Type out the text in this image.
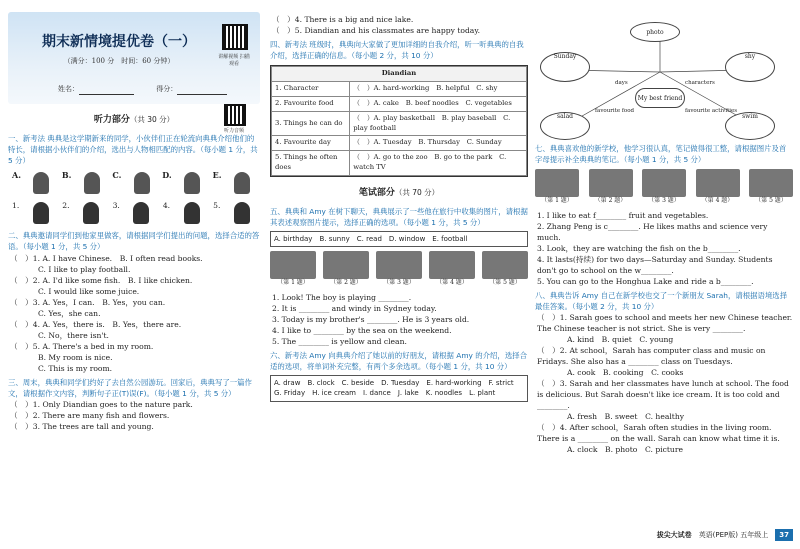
期末新情境提优卷（一）
（满分：100 分　时间：60 分钟）
讲解视频 扫描观看
姓名：	得分：
听力部分（共 30 分）
听力音频
一、新考法 典典是这学期新来的同学，小伙伴们正在轮流向典典介绍他们的特长，请根据小伙伴们的介绍，选出与人物相匹配的内容。（每小题 1 分，共 5 分）
A.	B.	C.	D.	E.
1.	2.	3.	4.	5.
二、典典邀请同学们到他家里做客，请根据同学们提出的问题，选择合适的答语。（每小题 1 分，共 5 分）
（　）1. A. I have Chinese.　 B. I often read books.
C. I like to play football.
（　）2. A. I'd like some fish.　 B. I like chicken.
C. I would like some juice.
（　）3. A. Yes，I can.　 B. Yes，you can.
C. Yes，she can.
（　）4. A. Yes，there is.　 B. Yes，there are.
C. No，there isn't.
（　）5. A. There's a bed in my room.
B. My room is nice.
C. This is my room.
三、周末，典典和同学们约好了去自然公园游玩。回家后，典典写了一篇作文，请根据作文内容，判断句子正(T)误(F)。（每小题 1 分，共 5 分）
（　）1. Only Diandian goes to the nature park.
（　）2. There are many fish and flowers.
（　）3. The trees are tall and young.
（　）4. There is a big and nice lake.
（　）5. Diandian and his classmates are happy today.
四、新考法 班级时，典典向大家做了更加详细的自我介绍，听一听典典的自我介绍，选择正确的信息。（每小题 2 分，共 10 分）
Diandian	
1. Character	（　）A. hard-working　B. helpful　C. shy
2. Favourite food	（　）A. cake　B. beef noodles　C. vegetables
3. Things he can do	（　）A. play basketball　B. play baseball　C. play football
4. Favourite day	（　）A. Tuesday　B. Thursday　C. Sunday
5. Things he often does	（　）A. go to the zoo　B. go to the park　C. watch TV
笔试部分（共 70 分）
五、典典和 Amy 在树下聊天，典典展示了一些他在旅行中收集的图片，请根据其表述观察图片提示，选择正确的选项。（每小题 1 分，共 5 分）
A. birthday　B. sunny　C. read　D. window　E. football
（第 1 题）	（第 2 题）	（第 3 题）	（第 4 题）	（第 5 题）
1. Look! The boy is playing ________.
2. It is ________ and windy in Sydney today.
3. Today is my brother's ________. He is 3 years old.
4. I like to ________ by the sea on the weekend.
5. The ________ is yellow and clean.
六、新考法 Amy 向典典介绍了她以前的好朋友，请根据 Amy 的介绍，选择合适的选项，将单词补充完整，有两个多余选项。（每小题 1 分，共 10 分）
A. draw　B. clock　C. beside　D. Tuesday　E. hard-working　F. strict　G. Friday　H. ice cream　I. dance　J. lake　K. noodles　L. plant
photo
Sunday	shy
My best friend
salad	swim
days	characters
favourite food	favourite activities
七、典典喜欢他的新学校，他学习很认真，笔记做得很工整，请根据图片及首字母提示补全典典的笔记。（每小题 1 分，共 5 分）
（第 1 题）	（第 2 题）	（第 3 题）	（第 4 题）	（第 5 题）
1. I like to eat f________ fruit and vegetables.
2. Zhang Peng is c________. He likes maths and science very much.
3. Look，they are watching the fish on the b________.
4. It lasts(持续) for two days—Saturday and Sunday. Students don't go to school on the w________.
5. You can go to the Honghua Lake and ride a b________.
八、典典告诉 Amy 自己在新学校也交了一个新朋友 Sarah，请根据语境选择最佳答案。（每小题 2 分，共 10 分）
（　）1. Sarah goes to school and meets her new Chinese teacher. The Chinese teacher is not strict. She is very ________.
A. kind　B. quiet　C. young
（　）2. At school，Sarah has computer class and music on Fridays. She also has a ________ class on Tuesdays.
A. cook　B. cooking　C. cooks
（　）3. Sarah and her classmates have lunch at school. The food is delicious. But Sarah doesn't like ice cream. It is too cold and ________.
A. fresh　B. sweet　C. healthy
（　）4. After school，Sarah often studies in the living room. There is a ________ on the wall. Sarah can know what time it is.
A. clock　B. photo　C. picture
拔尖大试卷　 英语(PEP版) 五年级上　 37
